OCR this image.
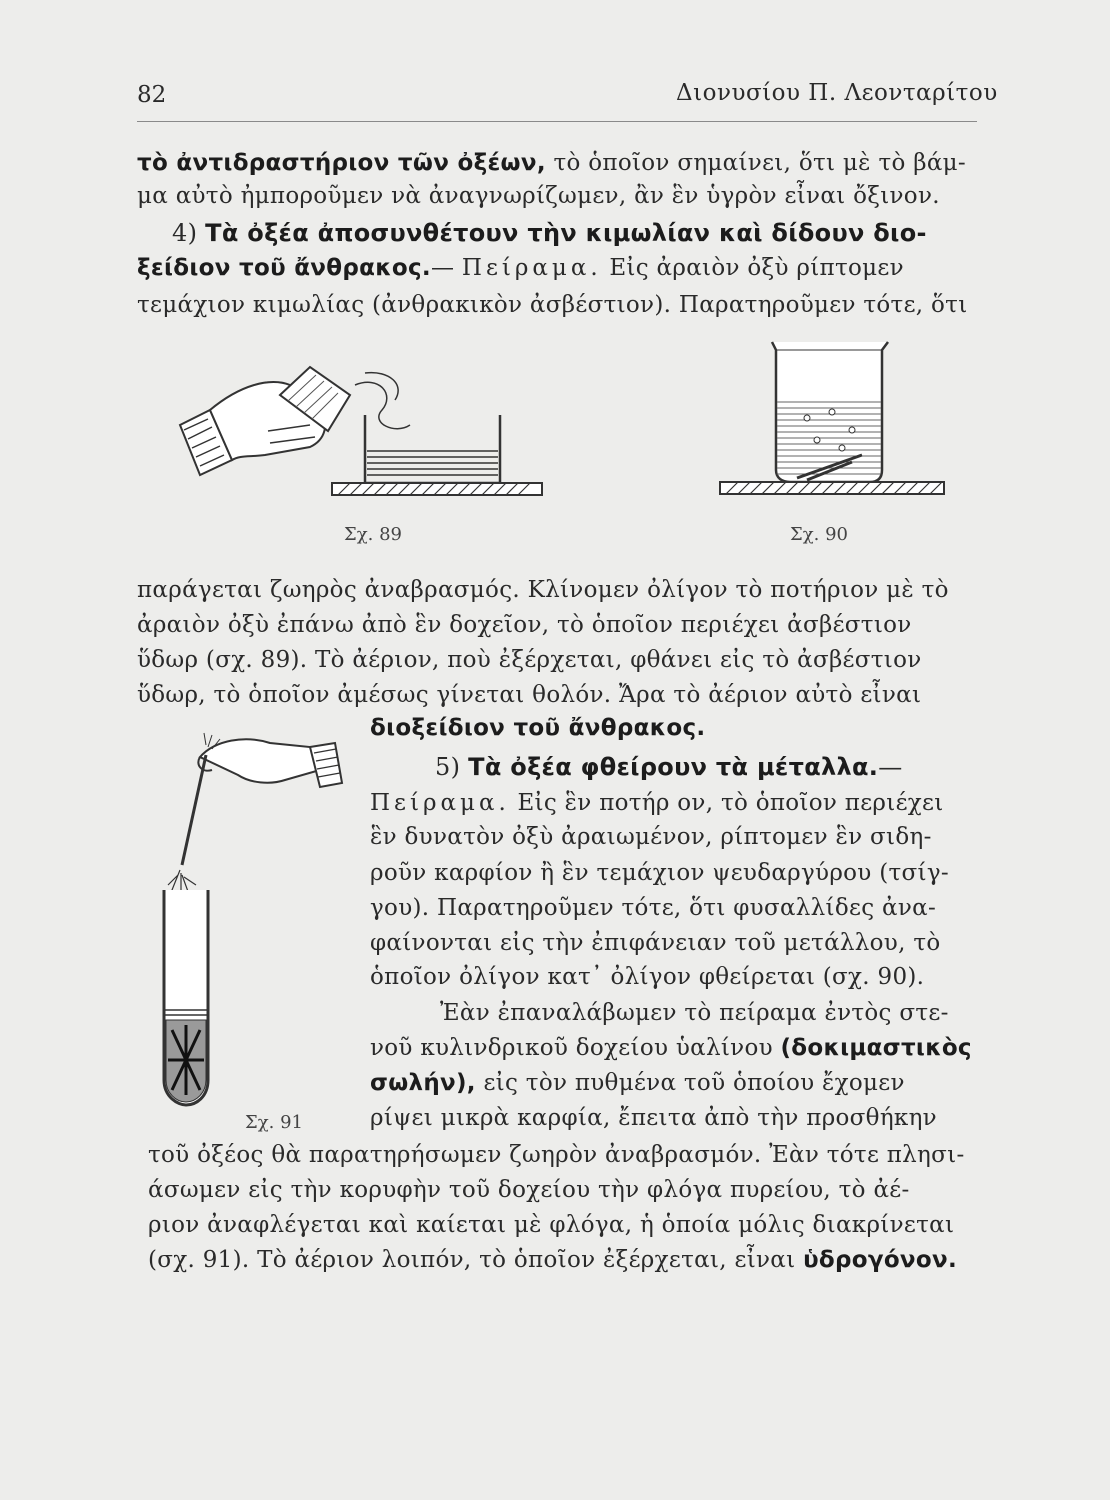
82	Διονυσίου Π. Λεονταρίτου
τὸ ἀντιδραστήριον τῶν ὀξέων, τὸ ὁποῖον σημαίνει, ὅτι μὲ τὸ βάμ-
μα αὐτὸ ἠμποροῦμεν νὰ ἀναγνωρίζωμεν, ἂν ἓν ὑγρὸν εἶναι ὄξινον.
4) Τὰ ὀξέα ἀποσυνθέτουν τὴν κιμωλίαν καὶ δίδουν διο-
ξείδιον τοῦ ἄνθρακος.— Πείραμα. Εἰς ἀραιὸν ὀξὺ ρίπτομεν
τεμάχιον κιμωλίας (ἀνθρακικὸν ἀσβέστιον). Παρατηροῦμεν τότε, ὅτι
Σχ. 89	Σχ. 90
παράγεται ζωηρὸς ἀναβρασμός. Κλίνομεν ὀλίγον τὸ ποτήριον μὲ τὸ
ἀραιὸν ὀξὺ ἐπάνω ἀπὸ ἓν δοχεῖον, τὸ ὁποῖον περιέχει ἀσβέστιον
ὕδωρ (σχ. 89). Τὸ ἀέριον, ποὺ ἐξέρχεται, φθάνει εἰς τὸ ἀσβέστιον
ὕδωρ, τὸ ὁποῖον ἀμέσως γίνεται θολόν. Ἄρα τὸ ἀέριον αὐτὸ εἶναι
διοξείδιον τοῦ ἄνθρακος.
5) Τὰ ὀξέα φθείρουν τὰ μέταλλα.—
Πείραμα. Εἰς ἓν ποτήρ ον, τὸ ὁποῖον περιέχει
ἓν δυνατὸν ὀξὺ ἀραιωμένον, ρίπτομεν ἓν σιδη-
ροῦν καρφίον ἢ ἓν τεμάχιον ψευδαργύρου (τσίγ-
γου). Παρατηροῦμεν τότε, ὅτι φυσαλλίδες ἀνα-
φαίνονται εἰς τὴν ἐπιφάνειαν τοῦ μετάλλου, τὸ
ὁποῖον ὀλίγον κατ᾽ ὀλίγον φθείρεται (σχ. 90).
Ἐὰν ἐπαναλάβωμεν τὸ πείραμα ἐντὸς στε-
νοῦ κυλινδρικοῦ δοχείου ὑαλίνου (δοκιμαστικὸς
σωλήν), εἰς τὸν πυθμένα τοῦ ὁποίου ἔχομεν
ρίψει μικρὰ καρφία, ἔπειτα ἀπὸ τὴν προσθήκην
Σχ. 91
τοῦ ὀξέος θὰ παρατηρήσωμεν ζωηρὸν ἀναβρασμόν. Ἐὰν τότε πλησι-
άσωμεν εἰς τὴν κορυφὴν τοῦ δοχείου τὴν φλόγα πυρείου, τὸ ἀέ-
ριον ἀναφλέγεται καὶ καίεται μὲ φλόγα, ἡ ὁποία μόλις διακρίνεται
(σχ. 91). Τὸ ἀέριον λοιπόν, τὸ ὁποῖον ἐξέρχεται, εἶναι ὑδρογόνον.
